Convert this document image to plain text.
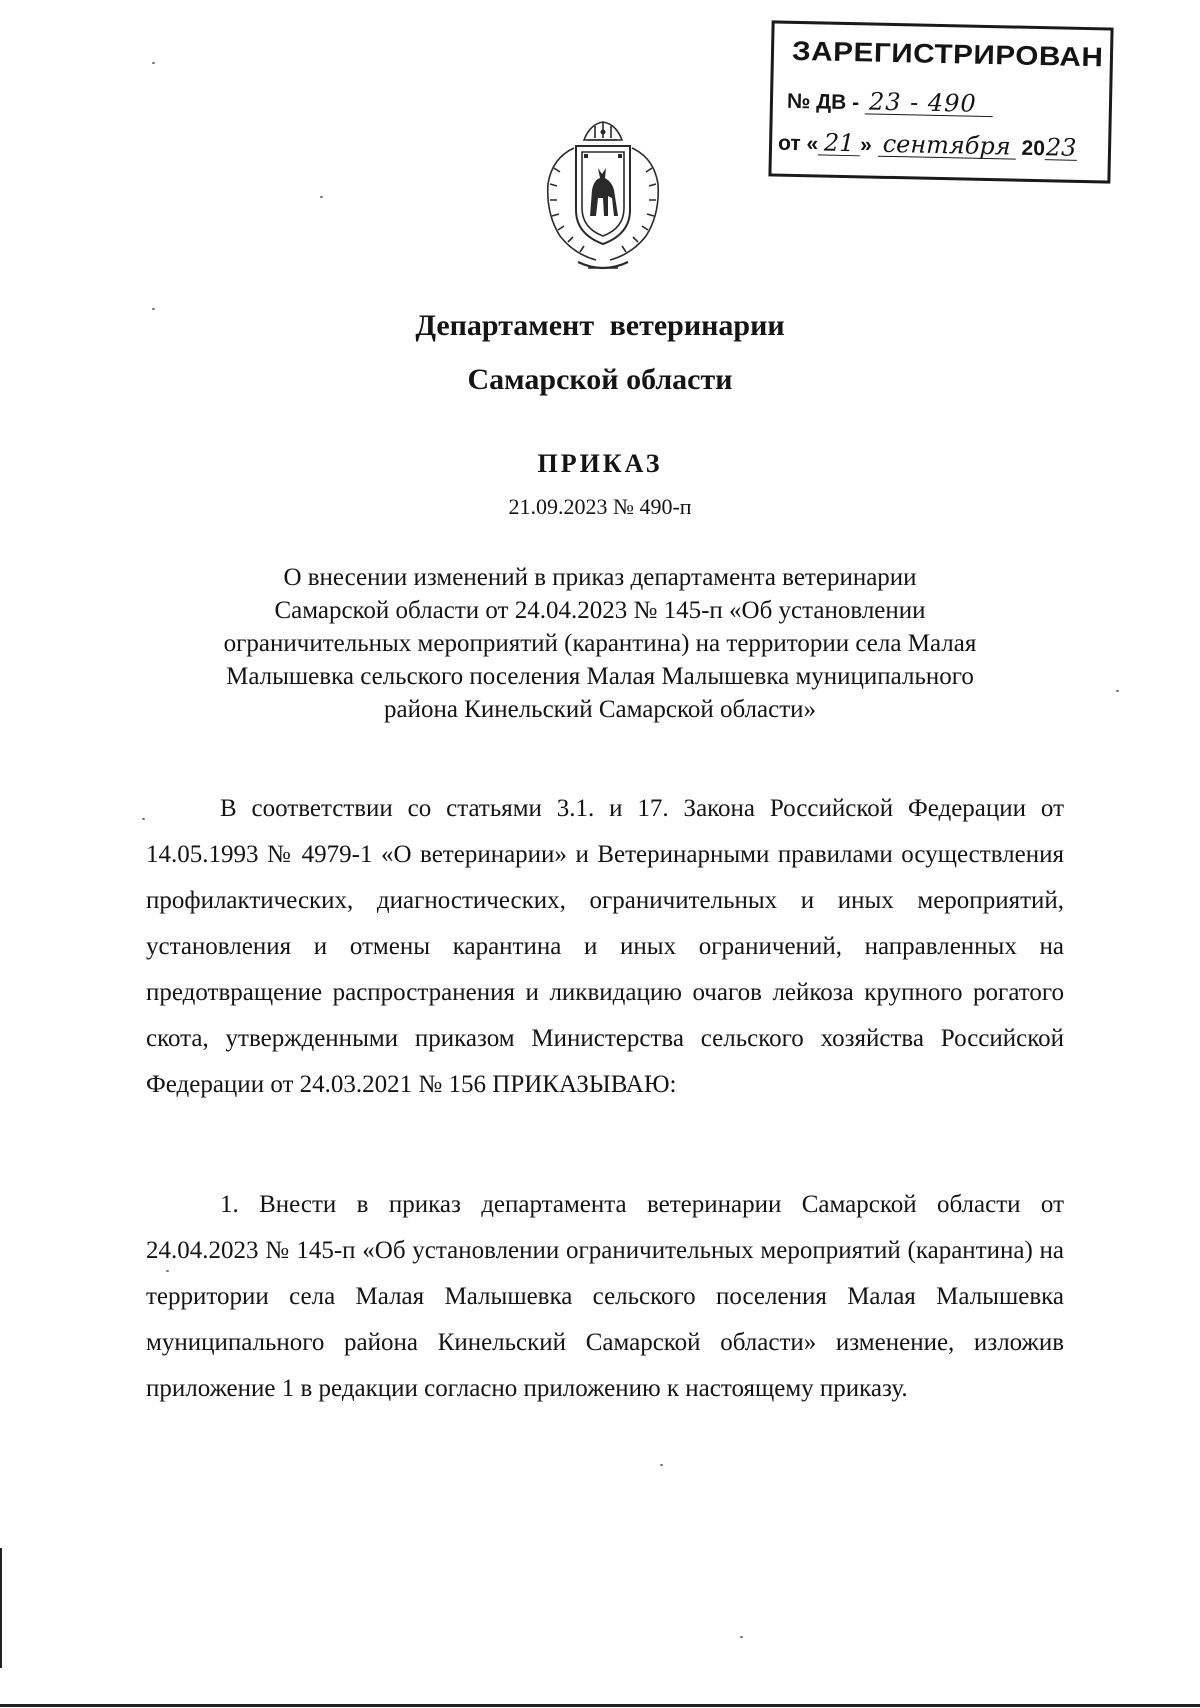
ЗАРЕГИСТРИРОВАН
№ ДВ - 23 - 490
от « 21 » сентября 2023
Департамент ветеринарии
Самарской области
ПРИКАЗ
21.09.2023 № 490-п
О внесении изменений в приказ департамента ветеринарии
Самарской области от 24.04.2023 № 145-п «Об установлении
ограничительных мероприятий (карантина) на территории села Малая
Малышевка сельского поселения Малая Малышевка муниципального
района Кинельский Самарской области»

В соответствии со статьями 3.1. и 17. Закона Российской Федерации от 14.05.1993 № 4979-1 «О ветеринарии» и Ветеринарными правилами осуществления профилактических, диагностических, ограничительных и иных мероприятий, установления и отмены карантина и иных ограничений, направленных на предотвращение распространения и ликвидацию очагов лейкоза крупного рогатого скота, утвержденными приказом Министерства сельского хозяйства Российской Федерации от 24.03.2021 № 156 ПРИКАЗЫВАЮ:

1. Внести в приказ департамента ветеринарии Самарской области от 24.04.2023 № 145-п «Об установлении ограничительных мероприятий (карантина) на территории села Малая Малышевка сельского поселения Малая Малышевка муниципального района Кинельский Самарской области» изменение, изложив приложение 1 в редакции согласно приложению к настоящему приказу.
